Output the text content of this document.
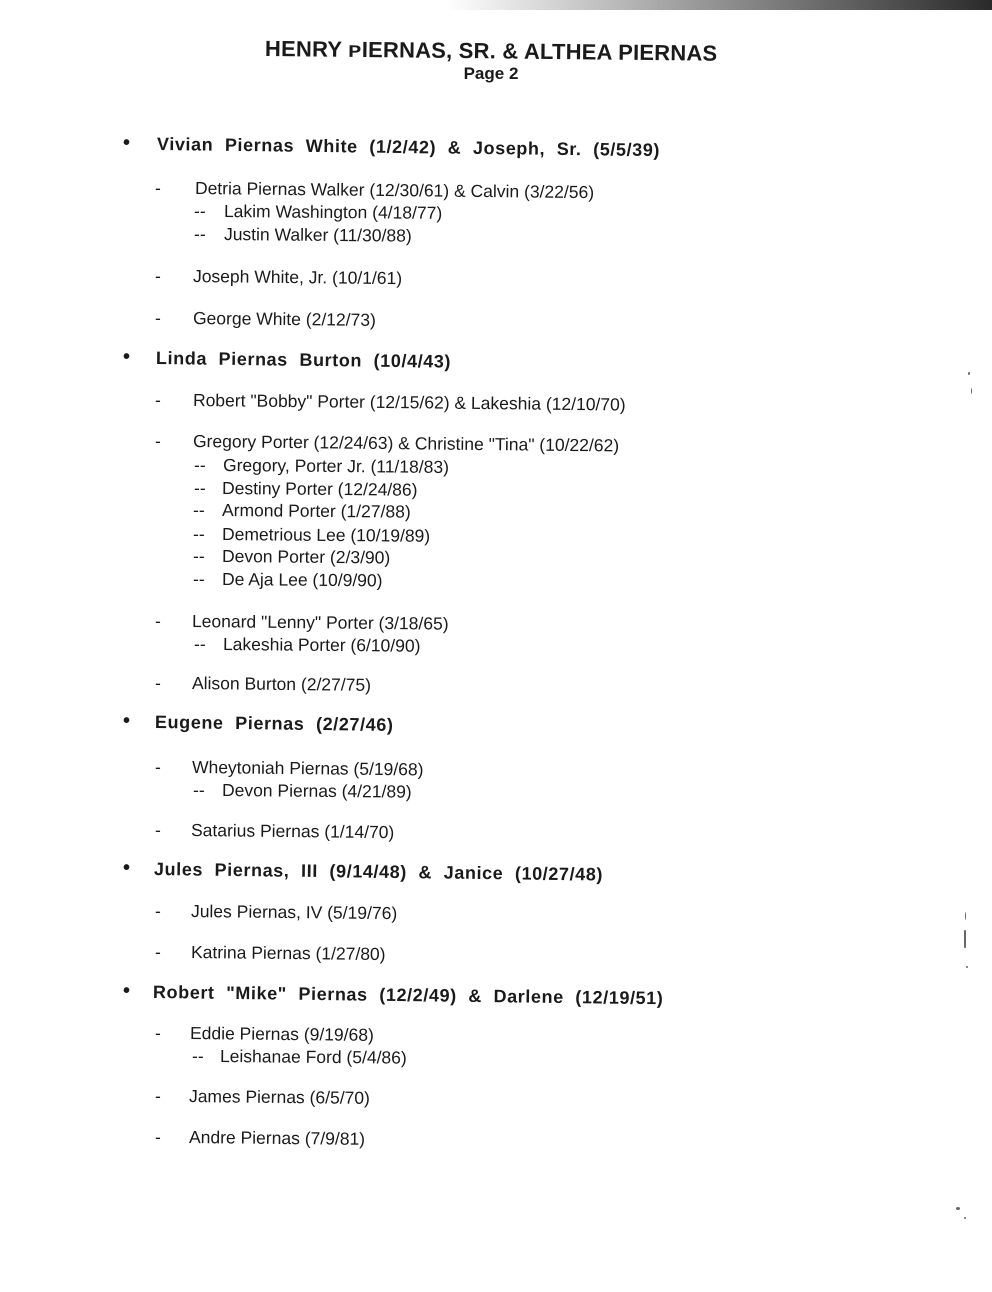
HENRY ᴘIERNAS, SR. & ALTHEA PIERNAS
Page 2
• Vivian Piernas White (1/2/42) & Joseph, Sr. (5/5/39)
- Detria Piernas Walker (12/30/61) & Calvin (3/22/56)
-- Lakim Washington (4/18/77)
-- Justin Walker (11/30/88)
- Joseph White, Jr. (10/1/61)
- George White (2/12/73)
• Linda Piernas Burton (10/4/43)
- Robert "Bobby" Porter (12/15/62) & Lakeshia (12/10/70)
- Gregory Porter (12/24/63) & Christine "Tina" (10/22/62)
-- Gregory, Porter Jr. (11/18/83)
-- Destiny Porter (12/24/86)
-- Armond Porter (1/27/88)
-- Demetrious Lee (10/19/89)
-- Devon Porter (2/3/90)
-- De Aja Lee (10/9/90)
- Leonard "Lenny" Porter (3/18/65)
-- Lakeshia Porter (6/10/90)
- Alison Burton (2/27/75)
• Eugene Piernas (2/27/46)
- Wheytoniah Piernas (5/19/68)
-- Devon Piernas (4/21/89)
- Satarius Piernas (1/14/70)
• Jules Piernas, III (9/14/48) & Janice (10/27/48)
- Jules Piernas, IV (5/19/76)
- Katrina Piernas (1/27/80)
• Robert "Mike" Piernas (12/2/49) & Darlene (12/19/51)
- Eddie Piernas (9/19/68)
-- Leishanae Ford (5/4/86)
- James Piernas (6/5/70)
- Andre Piernas (7/9/81)
